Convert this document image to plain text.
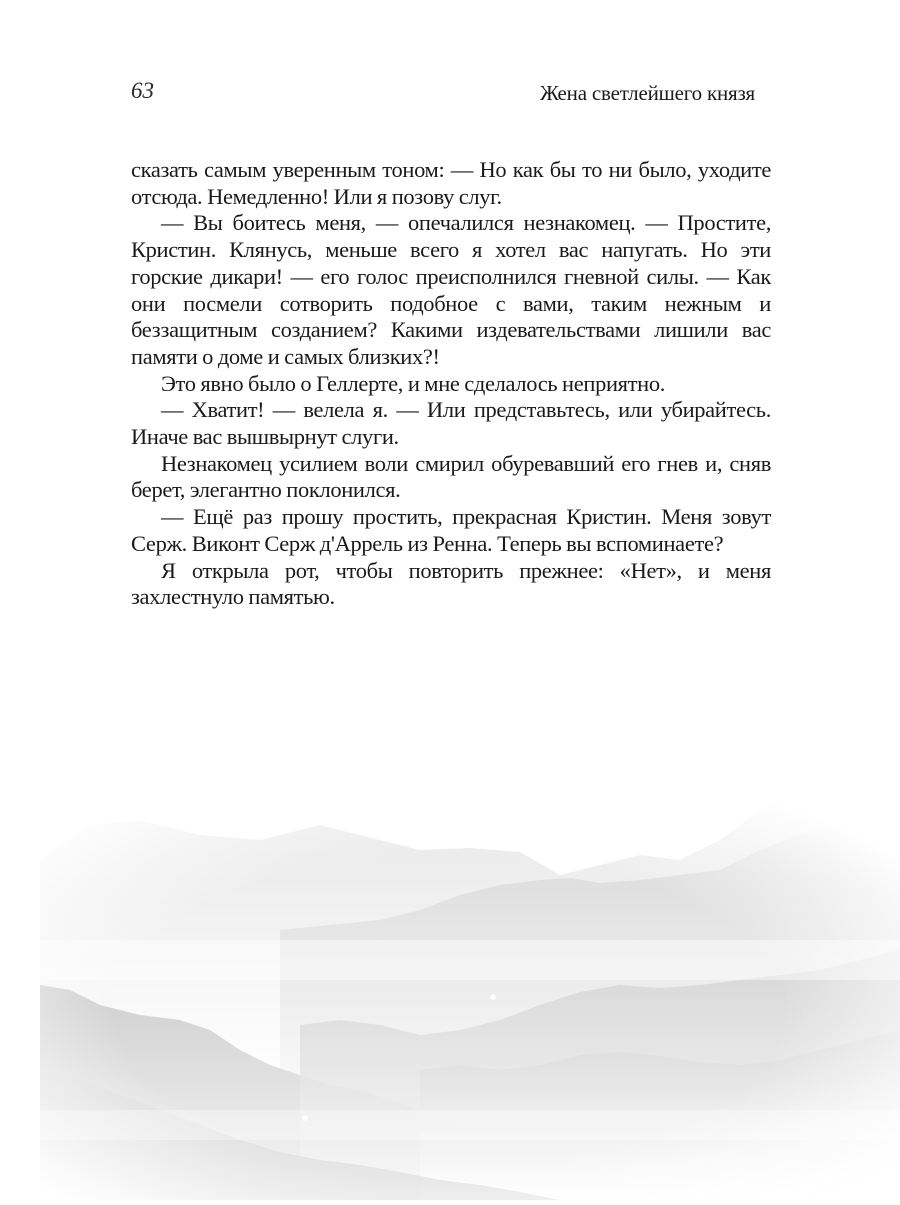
63	Жена светлейшего князя

сказать самым уверенным тоном: — Но как бы то ни было, уходите отсюда. Немедленно! Или я позову слуг.

— Вы боитесь меня, — опечалился незнакомец. — Простите, Кристин. Клянусь, меньше всего я хотел вас напугать. Но эти горские дикари! — его голос преисполнился гневной силы. — Как они посмели сотворить подобное с вами, таким нежным и беззащитным созданием? Какими издевательствами лишили вас памяти о доме и самых близких?!

Это явно было о Геллерте, и мне сделалось неприятно.

— Хватит! — велела я. — Или представьтесь, или убирайтесь. Иначе вас вышвырнут слуги.

Незнакомец усилием воли смирил обуревавший его гнев и, сняв берет, элегантно поклонился.

— Ещё раз прошу простить, прекрасная Кристин. Меня зовут Серж. Виконт Серж д'Аррель из Ренна. Теперь вы вспоминаете?

Я открыла рот, чтобы повторить прежнее: «Нет», и меня захлестнуло памятью.
